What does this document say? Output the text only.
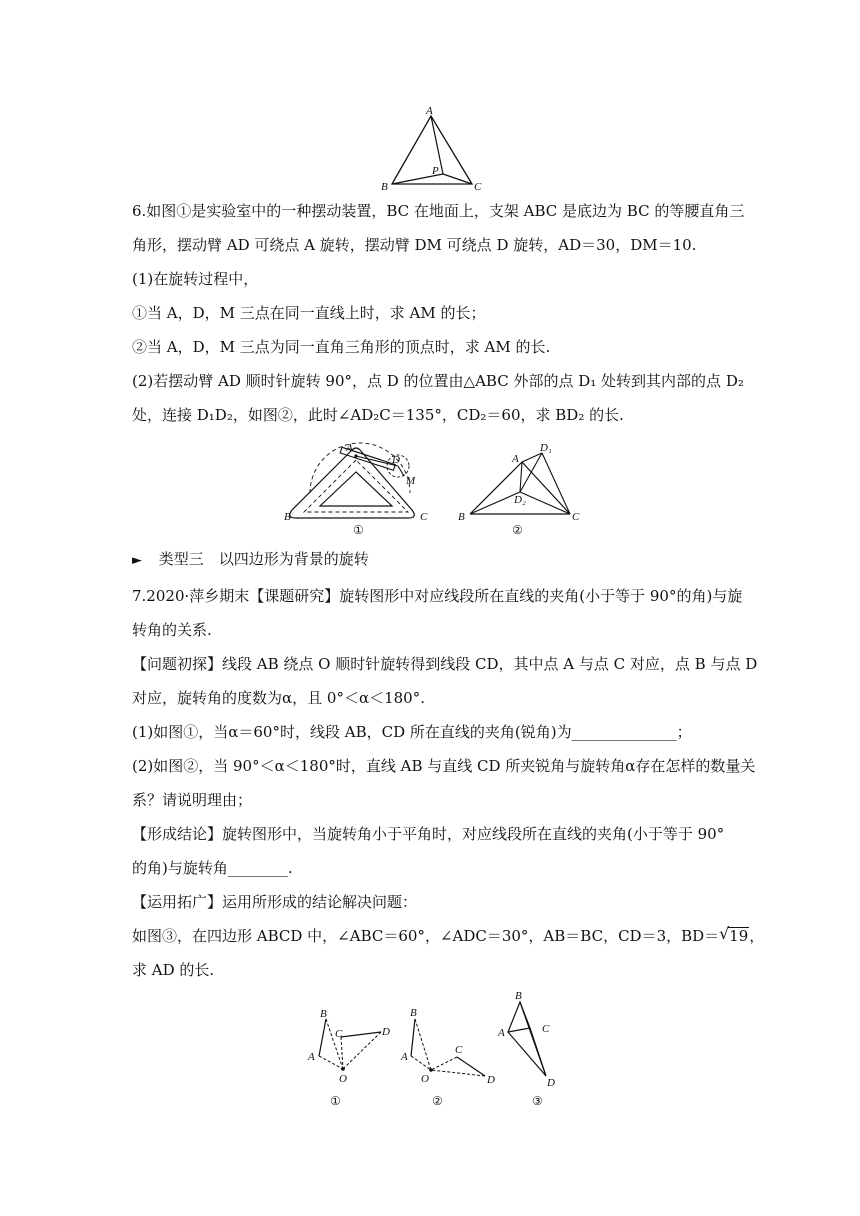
A
B	C
P
6.如图①是实验室中的一种摆动装置，BC 在地面上，支架 ABC 是底边为 BC 的等腰直角三
角形，摆动臂 AD 可绕点 A 旋转，摆动臂 DM 可绕点 D 旋转，AD＝30，DM＝10.
(1)在旋转过程中，
①当 A，D，M 三点在同一直线上时，求 AM 的长；
②当 A，D，M 三点为同一直角三角形的顶点时，求 AM 的长.
(2)若摆动臂 AD 顺时针旋转 90°，点 D 的位置由△ABC 外部的点 D₁ 处转到其内部的点 D₂
处，连接 D₁D₂，如图②，此时∠AD₂C＝135°，CD₂＝60，求 BD₂ 的长.
A
B	C
D
M
①
A
B	C
D₁
D₂
②
► 类型三　以四边形为背景的旋转
7.2020·萍乡期末【课题研究】旋转图形中对应线段所在直线的夹角(小于等于 90°的角)与旋
转角的关系.
【问题初探】线段 AB 绕点 O 顺时针旋转得到线段 CD，其中点 A 与点 C 对应，点 B 与点 D
对应，旋转角的度数为α，且 0°＜α＜180°.
(1)如图①，当α＝60°时，线段 AB，CD 所在直线的夹角(锐角)为______________；
(2)如图②，当 90°＜α＜180°时，直线 AB 与直线 CD 所夹锐角与旋转角α存在怎样的数量关
系？请说明理由；
【形成结论】旋转图形中，当旋转角小于平角时，对应线段所在直线的夹角(小于等于 90°
的角)与旋转角________.
【运用拓广】运用所形成的结论解决问题：
如图③，在四边形 ABCD 中，∠ABC＝60°，∠ADC＝30°，AB＝BC，CD＝3，BD＝ √ 19，
求 AD 的长.
A
B
C	D
O
①
A
B
C
D
O
②
B
A	C
D
③
